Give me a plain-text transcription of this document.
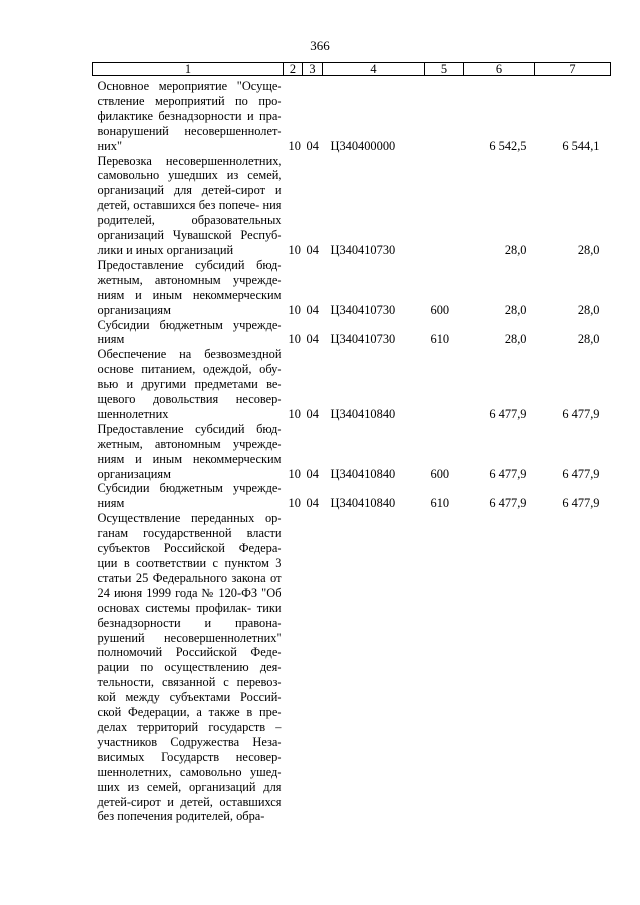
366
1	2	3	4	5	6	7

Основное мероприятие "Осуще- ствление мероприятий по про- филактике безнадзорности и пра- вонарушений несовершеннолет- них"	10	04	Ц340400000		6 542,5	6 544,1
Перевозка несовершеннолетних, самовольно ушедших из семей, организаций для детей-сирот и детей, оставшихся без попече- ния родителей, образовательных организаций Чувашской Респуб- лики и иных организаций	10	04	Ц340410730		28,0	28,0
Предоставление субсидий бюд- жетным, автономным учрежде- ниям и иным некоммерческим организациям	10	04	Ц340410730	600	28,0	28,0
Субсидии бюджетным учрежде- ниям	10	04	Ц340410730	610	28,0	28,0
Обеспечение на безвозмездной основе питанием, одеждой, обу- вью и другими предметами ве- щевого довольствия несовер- шеннолетних	10	04	Ц340410840		6 477,9	6 477,9
Предоставление субсидий бюд- жетным, автономным учрежде- ниям и иным некоммерческим организациям	10	04	Ц340410840	600	6 477,9	6 477,9
Субсидии бюджетным учрежде- ниям	10	04	Ц340410840	610	6 477,9	6 477,9
Осуществление переданных ор- ганам государственной власти субъектов Российской Федера- ции в соответствии с пунктом 3 статьи 25 Федерального закона от 24 июня 1999 года № 120-ФЗ "Об основах системы профилак- тики безнадзорности и правона- рушений несовершеннолетних" полномочий Российской Феде- рации по осуществлению дея- тельности, связанной с перевоз- кой между субъектами Россий- ской Федерации, а также в пре- делах территорий государств – участников Содружества Неза- висимых Государств несовер- шеннолетних, самовольно ушед- ших из семей, организаций для детей-сирот и детей, оставшихся без попечения родителей, обра-						
